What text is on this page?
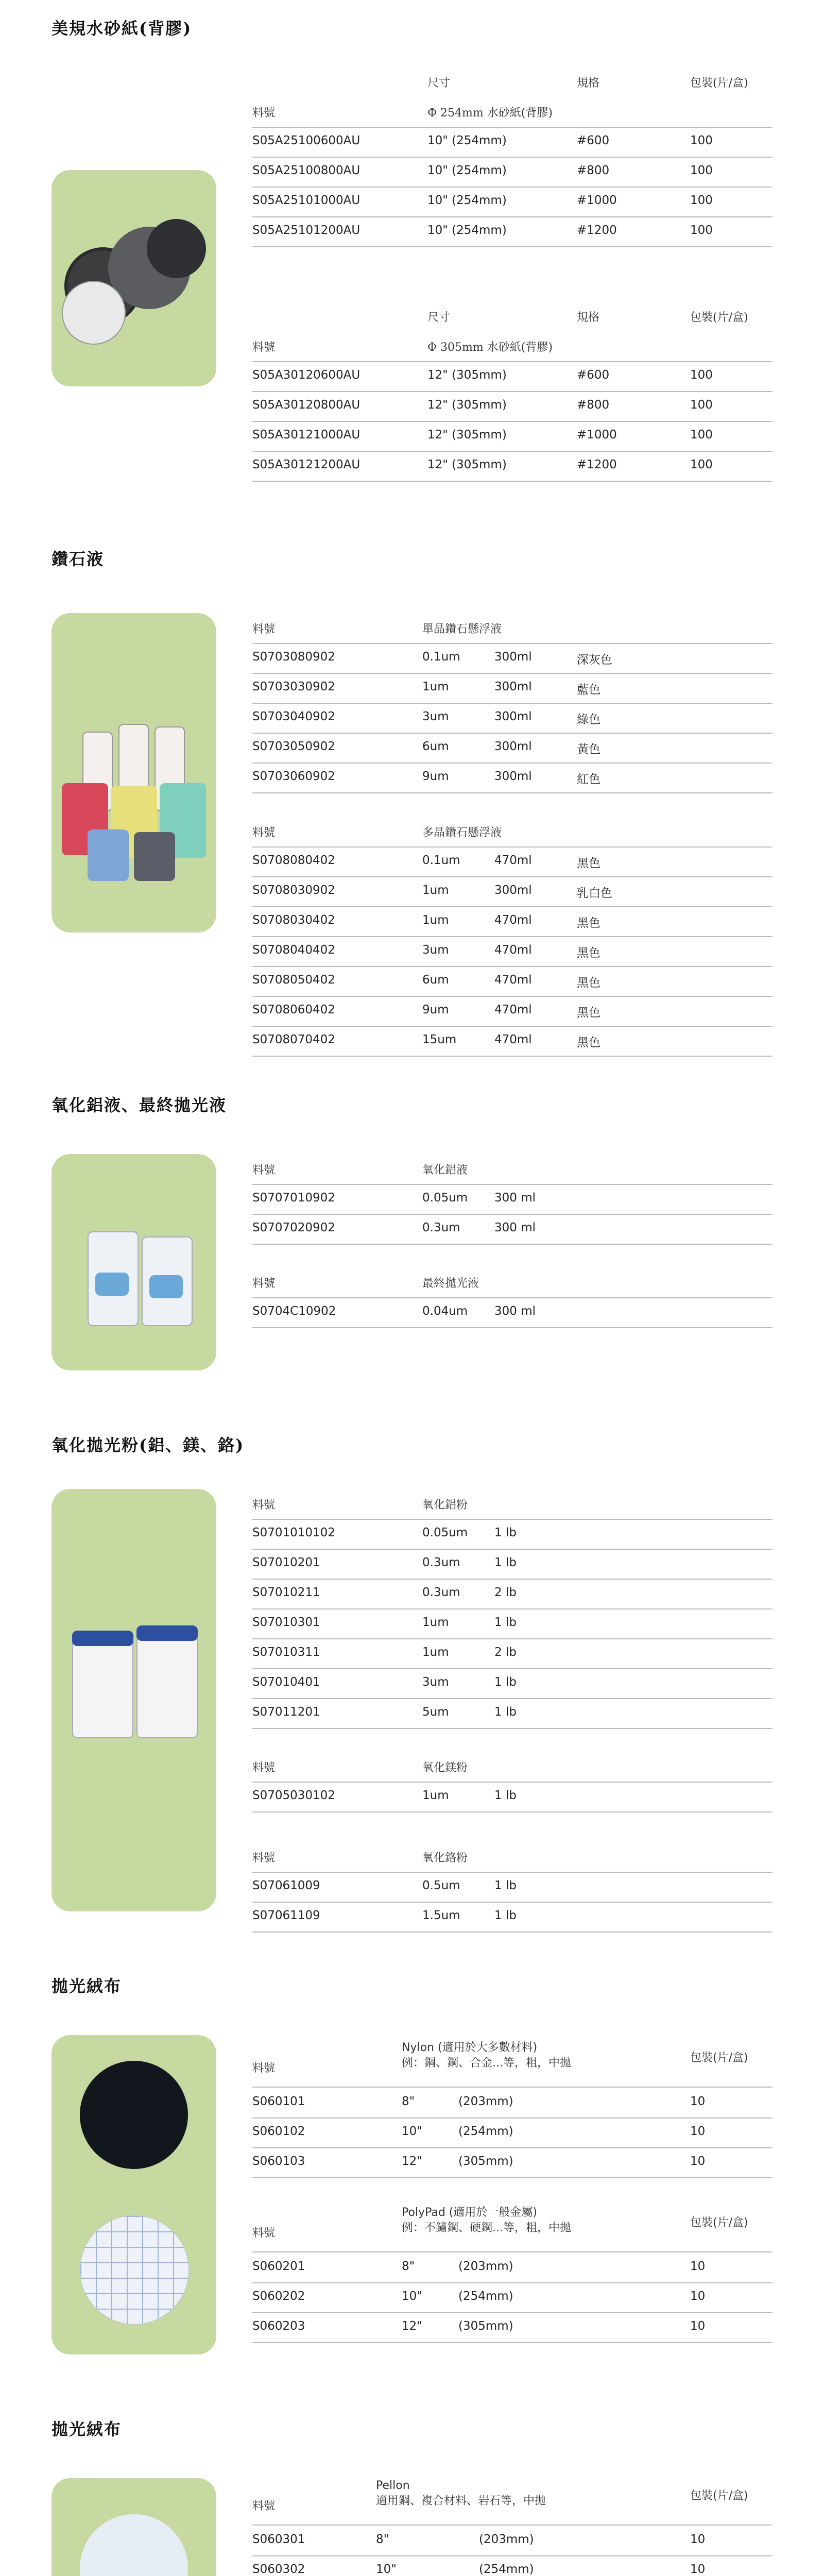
美規水砂紙(背膠)
尺寸	規格	包裝(片/盒)
料號	Φ 254mm 水砂紙(背膠)
S05A25100600AU	10" (254mm)	#600	100
S05A25100800AU	10" (254mm)	#800	100
S05A25101000AU	10" (254mm)	#1000	100
S05A25101200AU	10" (254mm)	#1200	100
尺寸	規格	包裝(片/盒)
料號	Φ 305mm 水砂紙(背膠)
S05A30120600AU	12" (305mm)	#600	100
S05A30120800AU	12" (305mm)	#800	100
S05A30121000AU	12" (305mm)	#1000	100
S05A30121200AU	12" (305mm)	#1200	100
鑽石液
料號	單晶鑽石懸浮液
S0703080902	0.1um	300ml	深灰色
S0703030902	1um	300ml	藍色
S0703040902	3um	300ml	綠色
S0703050902	6um	300ml	黃色
S0703060902	9um	300ml	紅色
料號	多晶鑽石懸浮液
S0708080402	0.1um	470ml	黑色
S0708030902	1um	300ml	乳白色
S0708030402	1um	470ml	黑色
S0708040402	3um	470ml	黑色
S0708050402	6um	470ml	黑色
S0708060402	9um	470ml	黑色
S0708070402	15um	470ml	黑色
氧化鋁液、最終拋光液
料號	氧化鋁液
S0707010902	0.05um 300 ml
S0707020902	0.3um	300 ml
料號	最終拋光液
S0704C10902	0.04um 300 ml
氧化拋光粉(鋁、鎂、鉻)
料號	氧化鋁粉
S0701010102	0.05um 1 lb
S07010201	0.3um	1 lb
S07010211	0.3um	2 lb
S07010301	1um	1 lb
S07010311	1um	2 lb
S07010401	3um	1 lb
S07011201	5um	1 lb
料號	氧化鎂粉
S0705030102	1um	1 lb
料號	氧化鉻粉
S07061009	0.5um	1 lb
S07061109	1.5um	1 lb
拋光絨布
料號
Nylon (適用於大多數材料)
例：鋼、鋼、合金...等，粗，中拋	包裝(片/盒)
S060101	8"	(203mm)	10
S060102	10"	(254mm)	10
S060103	12"	(305mm)	10
料號
PolyPad (適用於一般金屬)
例：不鏽鋼、硬鋼...等，粗，中拋	包裝(片/盒)
S060201	8"	(203mm)	10
S060202	10"	(254mm)	10
S060203	12"	(305mm)	10
拋光絨布
料號
Pellon
適用鋼、複合材料、岩石等，中拋	包裝(片/盒)
S060301	8"	(203mm)	10
S060302	10"	(254mm)	10
